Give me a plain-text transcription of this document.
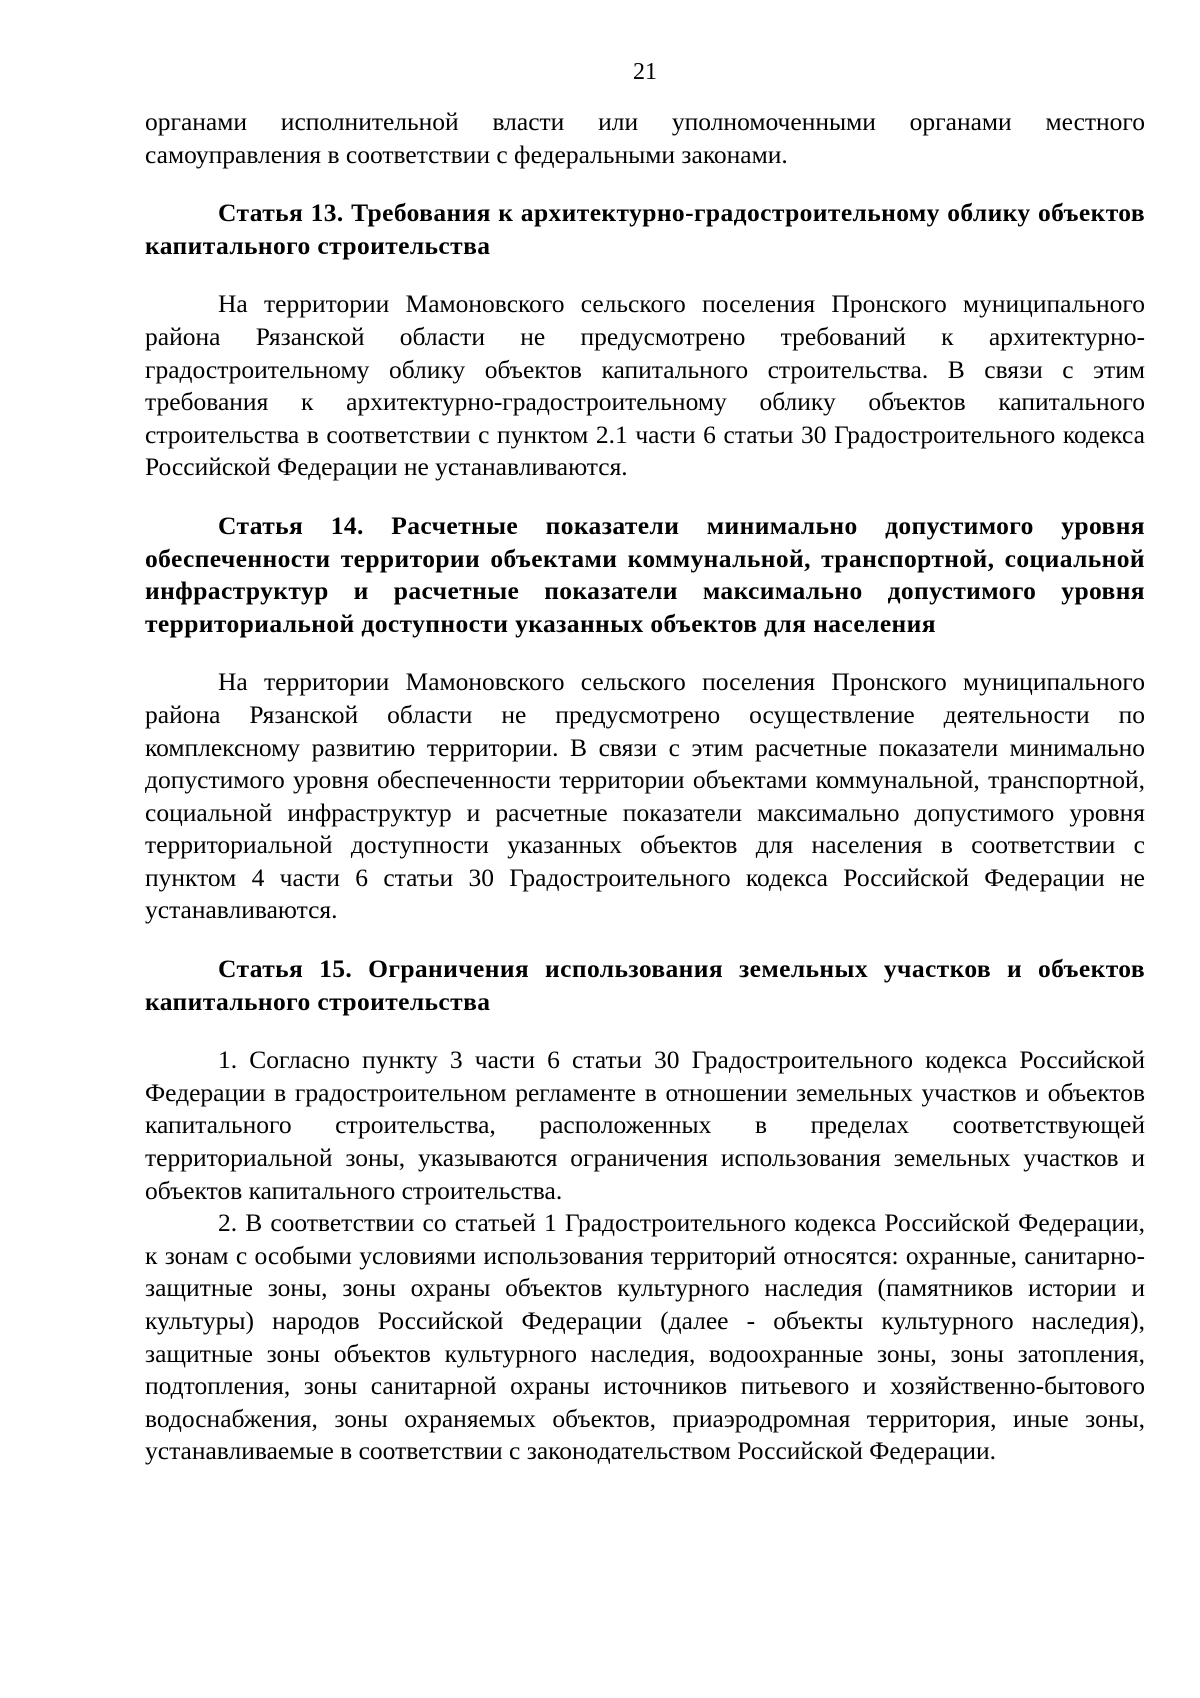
21

органами исполнительной власти или уполномоченными органами местного самоуправления в соответствии с федеральными законами.

Статья 13. Требования к архитектурно-градостроительному облику объектов капитального строительства

На территории Мамоновского сельского поселения Пронского муниципального района Рязанской области не предусмотрено требований к архитектурно-градостроительному облику объектов капитального строительства. В связи с этим требования к архитектурно-градостроительному облику объектов капитального строительства в соответствии с пунктом 2.1 части 6 статьи 30 Градостроительного кодекса Российской Федерации не устанавливаются.

Статья 14. Расчетные показатели минимально допустимого уровня обеспеченности территории объектами коммунальной, транспортной, социальной инфраструктур и расчетные показатели максимально допустимого уровня территориальной доступности указанных объектов для населения

На территории Мамоновского сельского поселения Пронского муниципального района Рязанской области не предусмотрено осуществление деятельности по комплексному развитию территории. В связи с этим расчетные показатели минимально допустимого уровня обеспеченности территории объектами коммунальной, транспортной, социальной инфраструктур и расчетные показатели максимально допустимого уровня территориальной доступности указанных объектов для населения в соответствии с пунктом 4 части 6 статьи 30 Градостроительного кодекса Российской Федерации не устанавливаются.

Статья 15. Ограничения использования земельных участков и объектов капитального строительства

1. Согласно пункту 3 части 6 статьи 30 Градостроительного кодекса Российской Федерации в градостроительном регламенте в отношении земельных участков и объектов капитального строительства, расположенных в пределах соответствующей территориальной зоны, указываются ограничения использования земельных участков и объектов капитального строительства.

2. В соответствии со статьей 1 Градостроительного кодекса Российской Федерации, к зонам с особыми условиями использования территорий относятся: охранные, санитарно-защитные зоны, зоны охраны объектов культурного наследия (памятников истории и культуры) народов Российской Федерации (далее - объекты культурного наследия), защитные зоны объектов культурного наследия, водоохранные зоны, зоны затопления, подтопления, зоны санитарной охраны источников питьевого и хозяйственно-бытового водоснабжения, зоны охраняемых объектов, приаэродромная территория, иные зоны, устанавливаемые в соответствии с законодательством Российской Федерации.
